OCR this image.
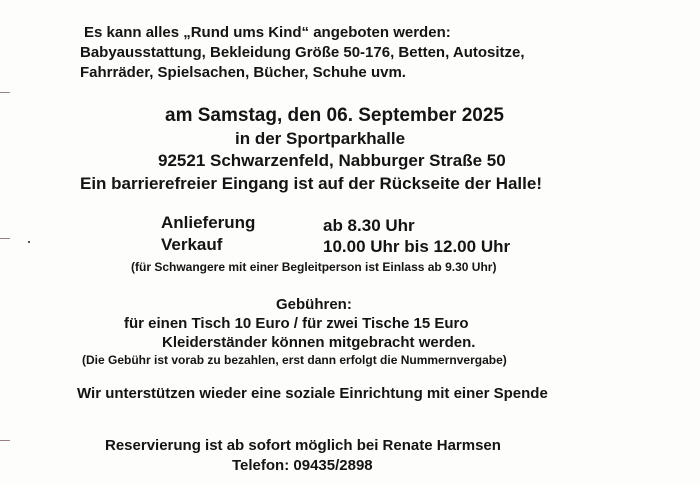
Es kann alles „Rund ums Kind“ angeboten werden:
Babyausstattung, Bekleidung Größe 50-176, Betten, Autositze,
Fahrräder, Spielsachen, Bücher, Schuhe uvm.
am Samstag, den 06. September 2025
in der Sportparkhalle
92521 Schwarzenfeld, Nabburger Straße 50
Ein barrierefreier Eingang ist auf der Rückseite der Halle!
Anlieferung	ab 8.30 Uhr
Verkauf	10.00 Uhr bis 12.00 Uhr
(für Schwangere mit einer Begleitperson ist Einlass ab 9.30 Uhr)
Gebühren:
für einen Tisch 10 Euro / für zwei Tische 15 Euro
Kleiderständer können mitgebracht werden.
(Die Gebühr ist vorab zu bezahlen, erst dann erfolgt die Nummernvergabe)
Wir unterstützen wieder eine soziale Einrichtung mit einer Spende
Reservierung ist ab sofort möglich bei Renate Harmsen
Telefon: 09435/2898
